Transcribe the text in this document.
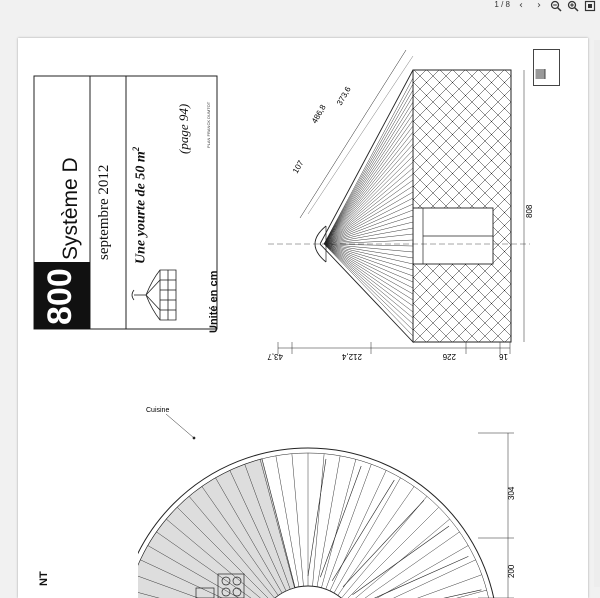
1 / 8 ‹	›
800
Système D septembre 2012 Une yourte de 50 $m^2$	(page 94)	PLAN FRANCK DUMTOT
Unité en cm
107
486,8
373,6
43,7	212,4	226	16
808
Cuisine
304
200
NT
